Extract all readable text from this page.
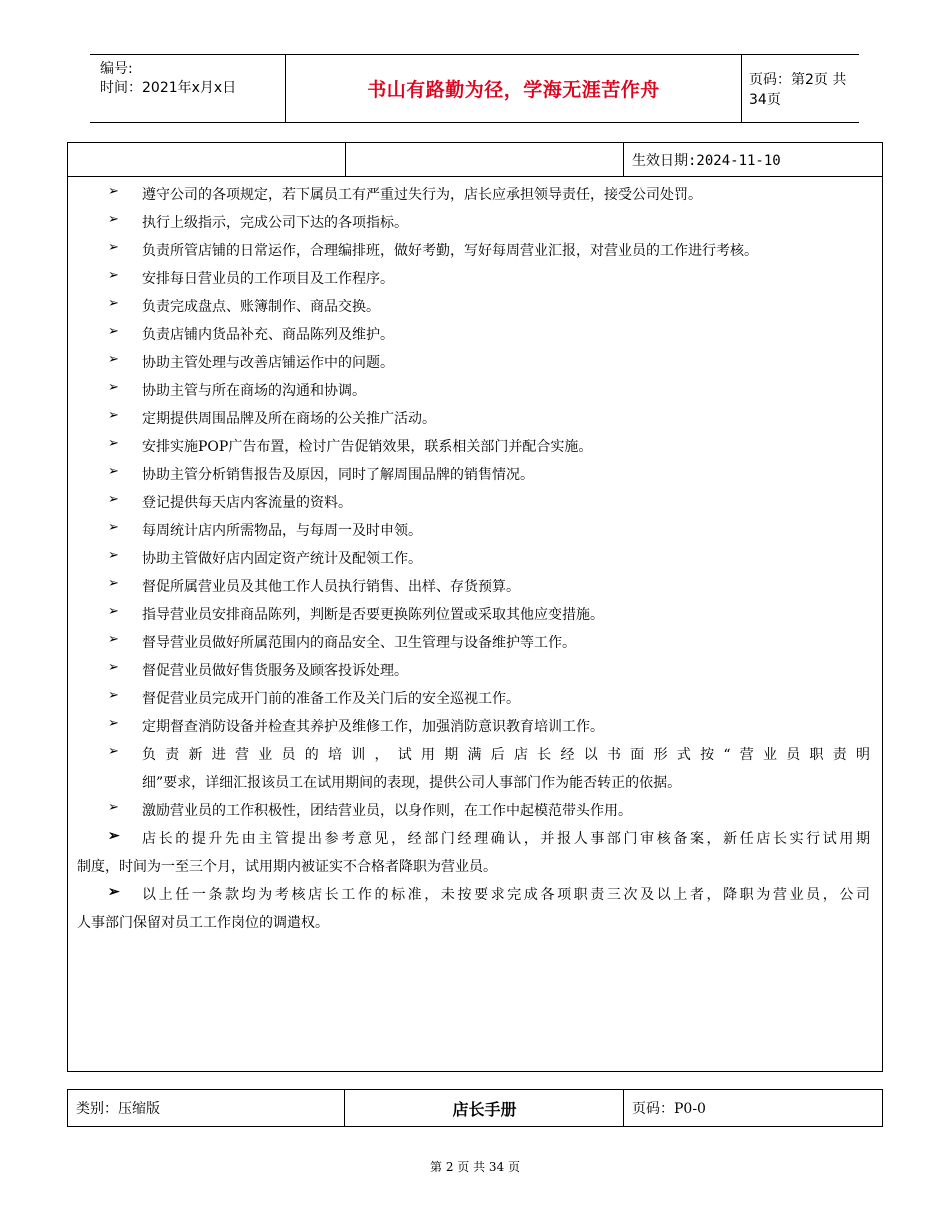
编号:
时间：2021年x月x日	书山有路勤为径，学海无涯苦作舟	页码：第2页 共34页
生效日期:2024-11-10
➢ 遵守公司的各项规定，若下属员工有严重过失行为，店长应承担领导责任，接受公司处罚。
➢ 执行上级指示，完成公司下达的各项指标。
➢ 负责所管店铺的日常运作，合理编排班，做好考勤，写好每周营业汇报，对营业员的工作进行考核。
➢ 安排每日营业员的工作项目及工作程序。
➢ 负责完成盘点、账簿制作、商品交换。
➢ 负责店铺内货品补充、商品陈列及维护。
➢ 协助主管处理与改善店铺运作中的问题。
➢ 协助主管与所在商场的沟通和协调。
➢ 定期提供周围品牌及所在商场的公关推广活动。
➢ 安排实施POP广告布置，检讨广告促销效果，联系相关部门并配合实施。
➢ 协助主管分析销售报告及原因，同时了解周围品牌的销售情况。
➢ 登记提供每天店内客流量的资料。
➢ 每周统计店内所需物品，与每周一及时申领。
➢ 协助主管做好店内固定资产统计及配领工作。
➢ 督促所属营业员及其他工作人员执行销售、出样、存货预算。
➢ 指导营业员安排商品陈列，判断是否要更换陈列位置或采取其他应变措施。
➢ 督导营业员做好所属范围内的商品安全、卫生管理与设备维护等工作。
➢ 督促营业员做好售货服务及顾客投诉处理。
➢ 督促营业员完成开门前的准备工作及关门后的安全巡视工作。
➢ 定期督查消防设备并检查其养护及维修工作，加强消防意识教育培训工作。
➢ 负责新进营业员的培训，试用期满后店长经以书面形式按“营业员职责明
细”要求，详细汇报该员工在试用期间的表现，提供公司人事部门作为能否转正的依据。
➢ 激励营业员的工作积极性，团结营业员，以身作则，在工作中起模范带头作用。
➢ 店长的提升先由主管提出参考意见，经部门经理确认，并报人事部门审核备案，新任店长实行试用期
制度，时间为一至三个月，试用期内被证实不合格者降职为营业员。
➢ 以上任一条款均为考核店长工作的标准，未按要求完成各项职责三次及以上者，降职为营业员，公司
人事部门保留对员工工作岗位的调遣权。
类别：压缩版	店长手册	页码：P0-0
第 2 页 共 34 页
